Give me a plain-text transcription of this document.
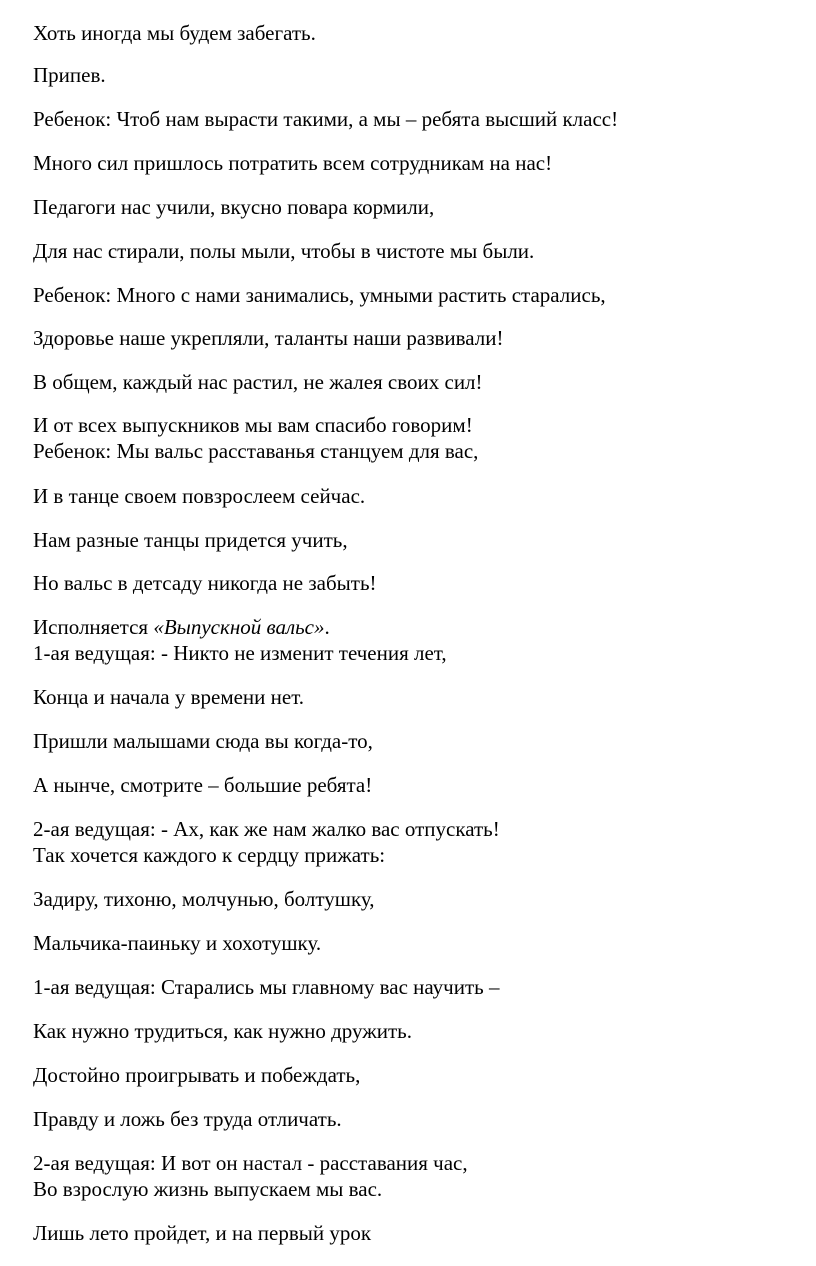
Хоть иногда мы будем забегать.
Припев.
Ребенок: Чтоб нам вырасти такими, а мы – ребята высший класс!
Много сил пришлось потратить всем сотрудникам на нас!
Педагоги нас учили, вкусно повара кормили,
Для нас стирали, полы мыли, чтобы в чистоте мы были.
Ребенок: Много с нами занимались, умными растить старались,
Здоровье наше укрепляли, таланты наши развивали!
В общем, каждый нас растил, не жалея своих сил!
И от всех выпускников мы вам спасибо говорим!
Ребенок: Мы вальс расставанья станцуем для вас,
И в танце своем повзрослеем сейчас.
Нам разные танцы придется учить,
Но вальс в детсаду никогда не забыть!
Исполняется «Выпускной вальс».
1-ая ведущая: - Никто не изменит течения лет,
Конца и начала у времени нет.
Пришли малышами сюда вы когда-то,
А нынче, смотрите – большие ребята!
2-ая ведущая: - Ах, как же нам жалко вас отпускать!
Так хочется каждого к сердцу прижать:
Задиру, тихоню, молчунью, болтушку,
Мальчика-паиньку и хохотушку.
1-ая ведущая: Старались мы главному вас научить –
Как нужно трудиться, как нужно дружить.
Достойно проигрывать и побеждать,
Правду и ложь без труда отличать.
2-ая ведущая: И вот он настал - расставания час,
Во взрослую жизнь выпускаем мы вас.
Лишь лето пройдет, и на первый урок
